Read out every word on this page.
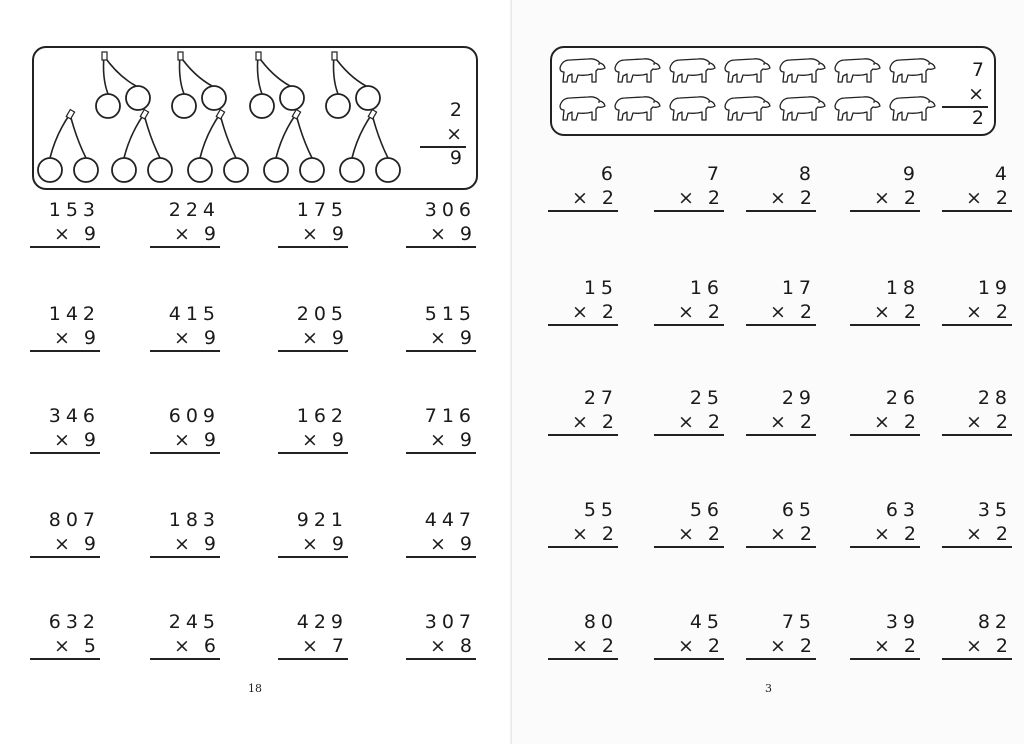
2
× 9
153
× 9
224
× 9
175
× 9
306
× 9
142
× 9
415
× 9
205
× 9
515
× 9
346
× 9
609
× 9
162
× 9
716
× 9
807
× 9
183
× 9
921
× 9
447
× 9
632
× 5
245
× 6
429
× 7
307
× 8
18
7
× 2
6
× 2
7
× 2
8
× 2
9
× 2
4
× 2
15
× 2
16
× 2
17
× 2
18
× 2
19
× 2
27
× 2
25
× 2
29
× 2
26
× 2
28
× 2
55
× 2
56
× 2
65
× 2
63
× 2
35
× 2
80
× 2
45
× 2
75
× 2
39
× 2
82
× 2
3
